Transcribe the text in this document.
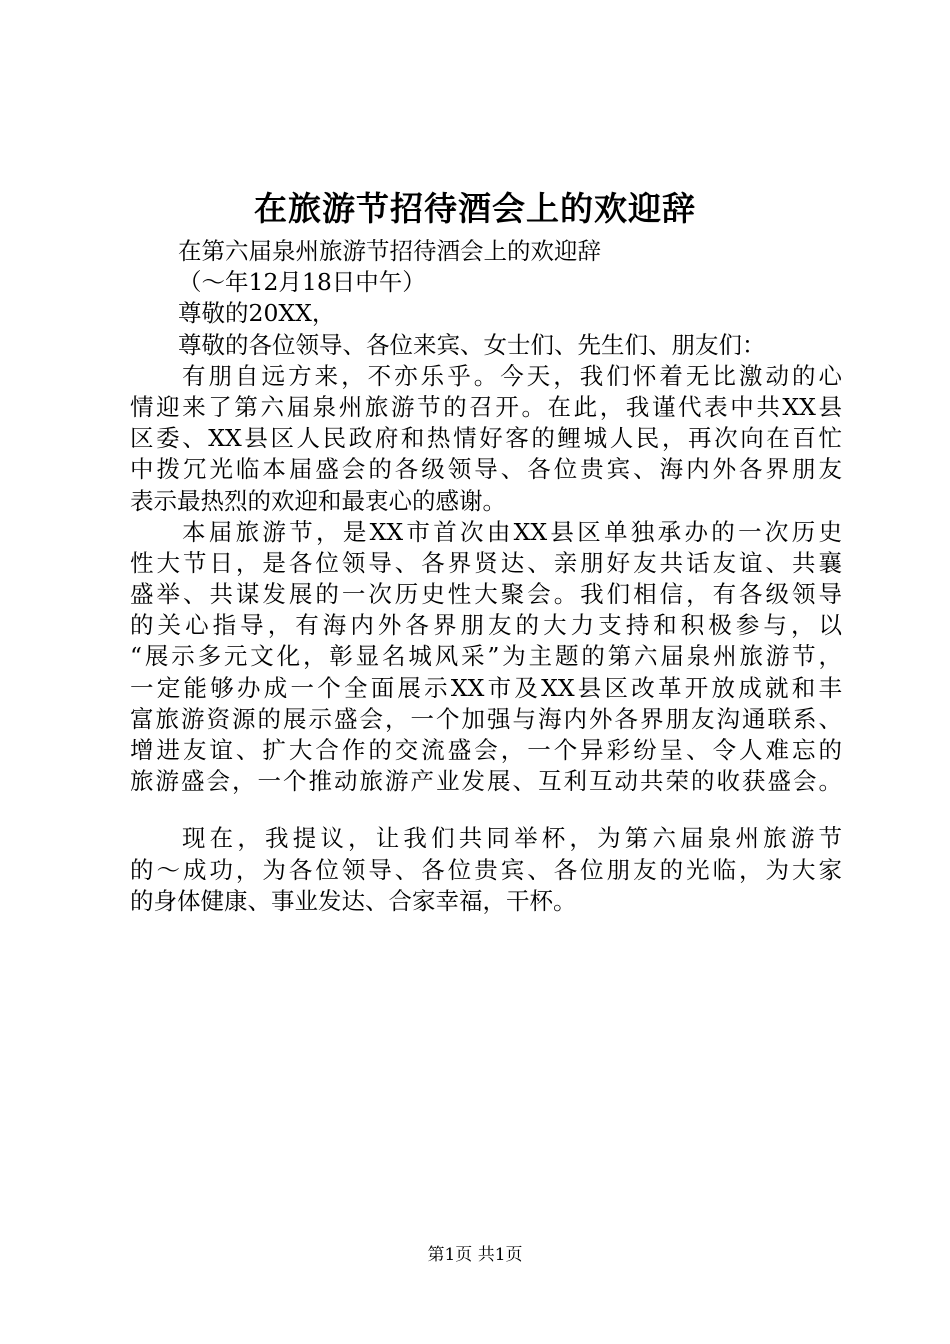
在旅游节招待酒会上的欢迎辞
在第六届泉州旅游节招待酒会上的欢迎辞
（～年12月18日中午）
尊敬的20XX，
尊敬的各位领导、各位来宾、女士们、先生们、朋友们：
有朋自远方来，不亦乐乎。今天，我们怀着无比激动的心
情迎来了第六届泉州旅游节的召开。在此，我谨代表中共XX县
区委、XX县区人民政府和热情好客的鲤城人民，再次向在百忙
中拨冗光临本届盛会的各级领导、各位贵宾、海内外各界朋友
表示最热烈的欢迎和最衷心的感谢。
本届旅游节，是XX市首次由XX县区单独承办的一次历史
性大节日，是各位领导、各界贤达、亲朋好友共话友谊、共襄
盛举、共谋发展的一次历史性大聚会。我们相信，有各级领导
的关心指导，有海内外各界朋友的大力支持和积极参与，以
“展示多元文化，彰显名城风采”为主题的第六届泉州旅游节，
一定能够办成一个全面展示XX市及XX县区改革开放成就和丰
富旅游资源的展示盛会，一个加强与海内外各界朋友沟通联系、
增进友谊、扩大合作的交流盛会，一个异彩纷呈、令人难忘的
旅游盛会，一个推动旅游产业发展、互利互动共荣的收获盛会。
现在，我提议，让我们共同举杯，为第六届泉州旅游节
的～成功，为各位领导、各位贵宾、各位朋友的光临，为大家
的身体健康、事业发达、合家幸福，干杯。
第1页 共1页
